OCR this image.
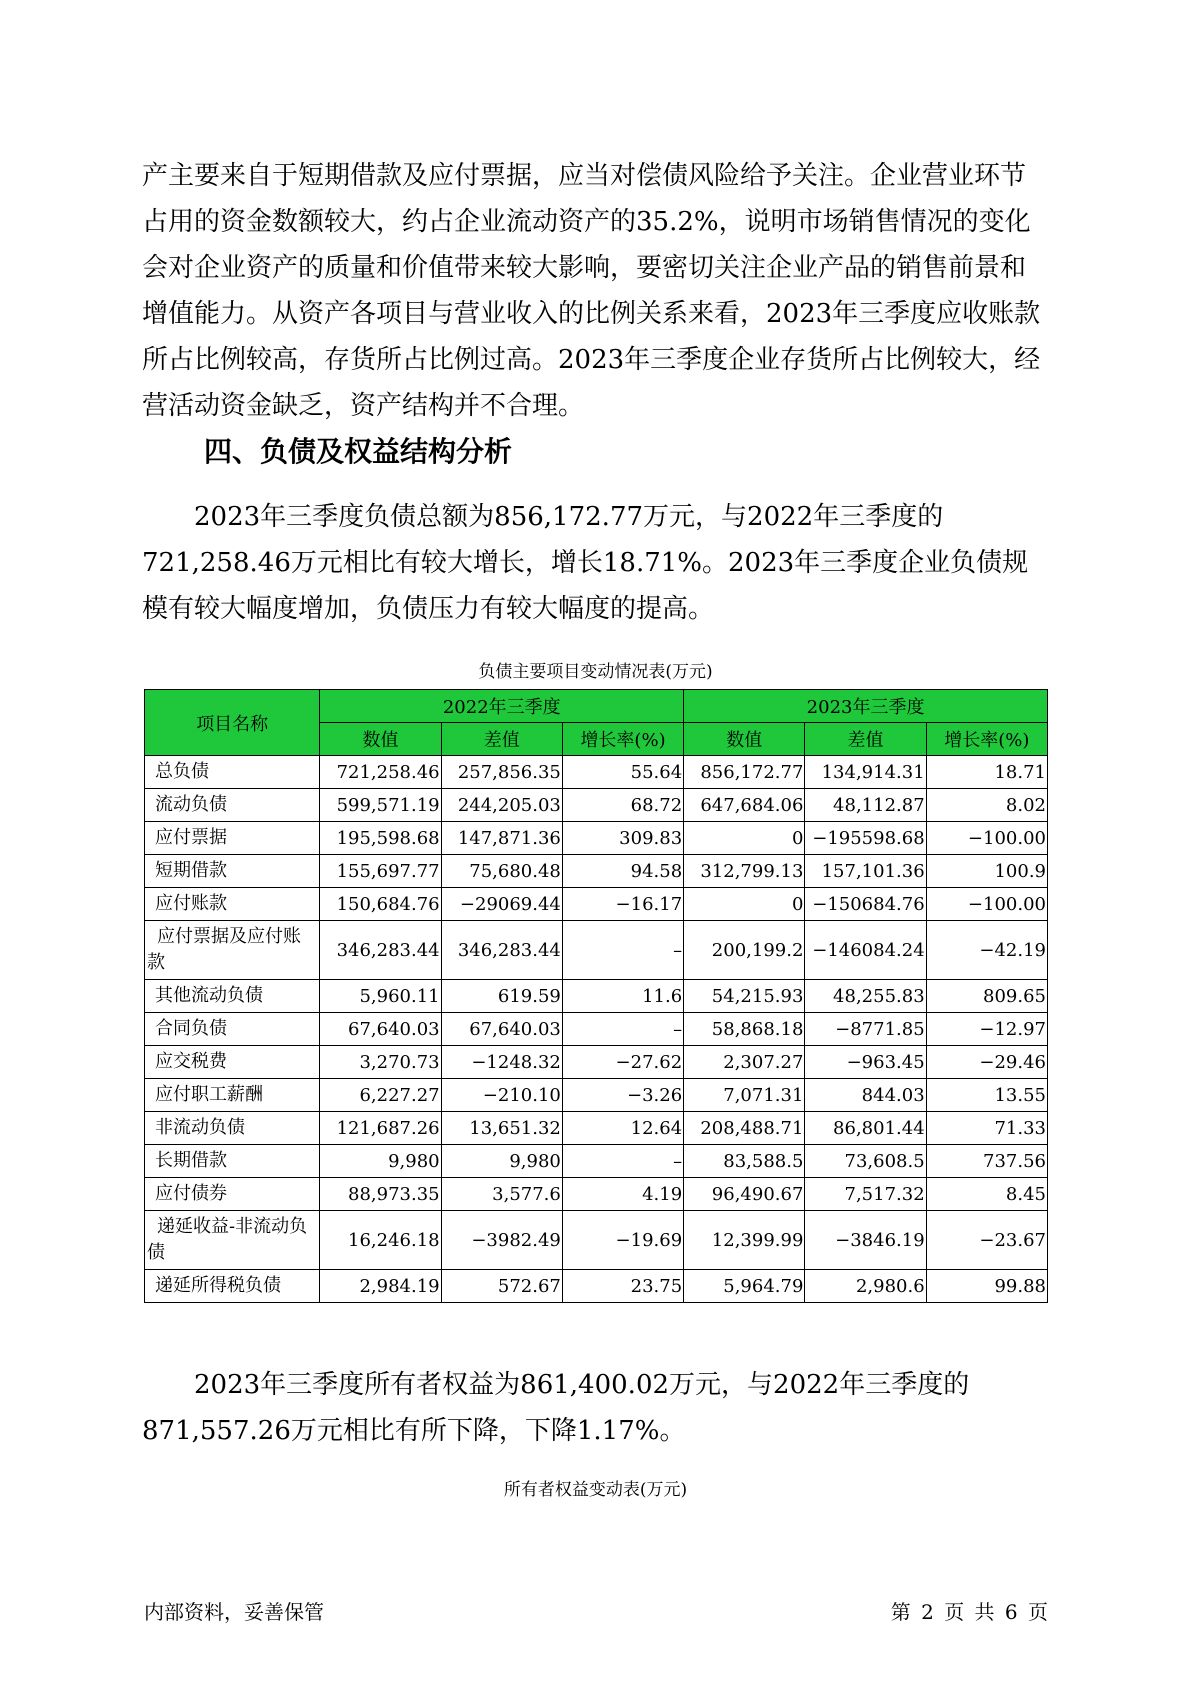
产主要来自于短期借款及应付票据，应当对偿债风险给予关注。企业营业环节占用的资金数额较大，约占企业流动资产的35.2%，说明市场销售情况的变化会对企业资产的质量和价值带来较大影响，要密切关注企业产品的销售前景和增值能力。从资产各项目与营业收入的比例关系来看，2023年三季度应收账款所占比例较高，存货所占比例过高。2023年三季度企业存货所占比例较大，经营活动资金缺乏，资产结构并不合理。

四、负债及权益结构分析

2023年三季度负债总额为856,172.77万元，与2022年三季度的721,258.46万元相比有较大增长，增长18.71%。2023年三季度企业负债规模有较大幅度增加，负债压力有较大幅度的提高。

负债主要项目变动情况表(万元)

项目名称	2022年三季度			2023年三季度		
	数值	差值	增长率(%)	数值	差值	增长率(%)
总负债	721,258.46	257,856.35	55.64	856,172.77	134,914.31	18.71
流动负债	599,571.19	244,205.03	68.72	647,684.06	48,112.87	8.02
应付票据	195,598.68	147,871.36	309.83	0	−195598.68	−100.00
短期借款	155,697.77	75,680.48	94.58	312,799.13	157,101.36	100.9
应付账款	150,684.76	−29069.44	−16.17	0	−150684.76	−100.00
应付票据及应付账款	346,283.44	346,283.44	–	200,199.2	−146084.24	−42.19
其他流动负债	5,960.11	619.59	11.6	54,215.93	48,255.83	809.65
合同负债	67,640.03	67,640.03	–	58,868.18	−8771.85	−12.97
应交税费	3,270.73	−1248.32	−27.62	2,307.27	−963.45	−29.46
应付职工薪酬	6,227.27	−210.10	−3.26	7,071.31	844.03	13.55
非流动负债	121,687.26	13,651.32	12.64	208,488.71	86,801.44	71.33
长期借款	9,980	9,980	–	83,588.5	73,608.5	737.56
应付债券	88,973.35	3,577.6	4.19	96,490.67	7,517.32	8.45
递延收益-非流动负债	16,246.18	−3982.49	−19.69	12,399.99	−3846.19	−23.67
递延所得税负债	2,984.19	572.67	23.75	5,964.79	2,980.6	99.88

2023年三季度所有者权益为861,400.02万元，与2022年三季度的871,557.26万元相比有所下降，下降1.17%。

所有者权益变动表(万元)

内部资料，妥善保管	第 2 页 共 6 页
